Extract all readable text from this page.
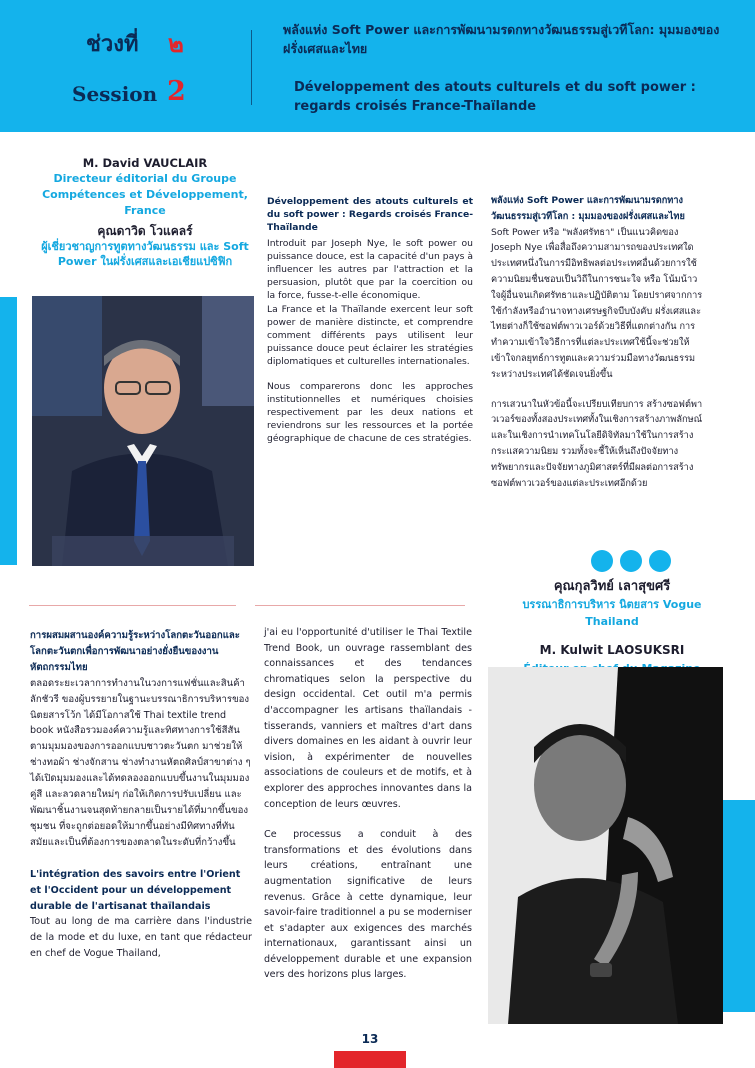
ช่วงที่ ๒
Session 2
พลังแห่ง Soft Power และการพัฒนามรดกทางวัฒนธรรมสู่เวทีโลก: มุมมองของฝรั่งเศสและไทย
Développement des atouts culturels et du soft power : regards croisés France-Thaïlande
M. David VAUCLAIR
Directeur éditorial du Groupe Compétences et Développement, France
คุณดาวิด โวแคลร์
ผู้เชี่ยวชาญการทูตทางวัฒนธรรม และ Soft Power ในฝรั่งเศสและเอเชียแปซิฟิก

Développement des atouts culturels et du soft power : Regards croisés France-Thaïlande

Introduit par Joseph Nye, le soft power ou puissance douce, est la capacité d'un pays à influencer les autres par l'attraction et la persuasion, plutôt que par la coercition ou la force, fusse-t-elle économique.

La France et la Thaïlande exercent leur soft power de manière distincte, et comprendre comment différents pays utilisent leur puissance douce peut éclairer les stratégies diplomatiques et culturelles internationales.

Nous comparerons donc les approches institutionnelles et numériques choisies respectivement par les deux nations et reviendrons sur les ressources et la portée géographique de chacune de ces stratégies.

พลังแห่ง Soft Power และการพัฒนามรดกทางวัฒนธรรมสู่เวทีโลก : มุมมองของฝรั่งเศสและไทย

Soft Power หรือ "พลังศรัทธา" เป็นแนวคิดของ Joseph Nye เพื่อสื่อถึงความสามารถของประเทศใดประเทศหนึ่งในการมีอิทธิพลต่อประเทศอื่นด้วยการใช้ความนิยมชื่นชอบเป็นวิถีในการชนะใจ หรือ โน้มน้าวใจผู้อื่นจนเกิดศรัทธาและปฏิบัติตาม โดยปราศจากการใช้กำลังหรืออำนาจทางเศรษฐกิจบีบบังคับ ฝรั่งเศสและไทยต่างก็ใช้ซอฟต์พาวเวอร์ด้วยวิธีที่แตกต่างกัน การทำความเข้าใจวิธีการที่แต่ละประเทศใช้นี้จะช่วยให้เข้าใจกลยุทธ์การทูตและความร่วมมือทางวัฒนธรรมระหว่างประเทศได้ชัดเจนยิ่งขึ้น

การเสวนาในหัวข้อนี้จะเปรียบเทียบการ สร้างซอฟต์พาวเวอร์ของทั้งสองประเทศทั้งในเชิงการสร้างภาพลักษณ์และในเชิงการนำเทคโนโลยีดิจิทัลมาใช้ในการสร้างกระแสความนิยม รวมทั้งจะชี้ให้เห็นถึงปัจจัยทางทรัพยากรและปัจจัยทางภูมิศาสตร์ที่มีผลต่อการสร้างซอฟต์พาวเวอร์ของแต่ละประเทศอีกด้วย

คุณกุลวิทย์ เลาสุขศรี
บรรณาธิการบริหาร นิตยสาร Vogue Thailand
M. Kulwit LAOSUKSRI

การผสมผสานองค์ความรู้ระหว่างโลกตะวันออกและโลกตะวันตกเพื่อการพัฒนาอย่างยั่งยืนของงานหัตถกรรมไทย

ตลอดระยะเวลาการทำงานในวงการแฟชั่นและสินค้าลักชัวรี ของผู้บรรยายในฐานะบรรณาธิการบริหารของนิตยสารโว้ก ได้มีโอกาสใช้ Thai textile trend book หนังสือรวมองค์ความรู้และทิศทางการใช้สีสันตามมุมมองของการออกแบบชาวตะวันตก มาช่วยให้ช่างทอผ้า ช่างจักสาน ช่างทำงานหัตถศิลป์สาขาต่าง ๆ ได้เปิดมุมมองและได้ทดลองออกแบบขึ้นงานในมุมมอง คู่สี และลวดลายใหม่ๆ ก่อให้เกิดการปรับเปลี่ยน และพัฒนาชิ้นงานจนสุดท้ายกลายเป็นรายได้ที่มากขึ้นของชุมชน ที่จะถูกต่อยอดให้มากขึ้นอย่างมีทิศทางที่ทันสมัยและเป็นที่ต้องการของตลาดในระดับที่กว้างขึ้น

L'intégration des savoirs entre l'Orient et l'Occident pour un développement durable de l'artisanat thaïlandais

Tout au long de ma carrière dans l'industrie de la mode et du luxe, en tant que rédacteur en chef de Vogue Thailand,

j'ai eu l'opportunité d'utiliser le Thai Textile Trend Book, un ouvrage rassemblant des connaissances et des tendances chromatiques selon la perspective du design occidental. Cet outil m'a permis d'accompagner les artisans thaïlandais - tisserands, vanniers et maîtres d'art dans divers domaines en les aidant à ouvrir leur vision, à expérimenter de nouvelles associations de couleurs et de motifs, et à explorer des approches innovantes dans la conception de leurs œuvres.

Ce processus a conduit à des transformations et des évolutions dans leurs créations, entraînant une augmentation significative de leurs revenus. Grâce à cette dynamique, leur savoir-faire traditionnel a pu se moderniser et s'adapter aux exigences des marchés internationaux, garantissant ainsi un développement durable et une expansion vers des horizons plus larges.

13
